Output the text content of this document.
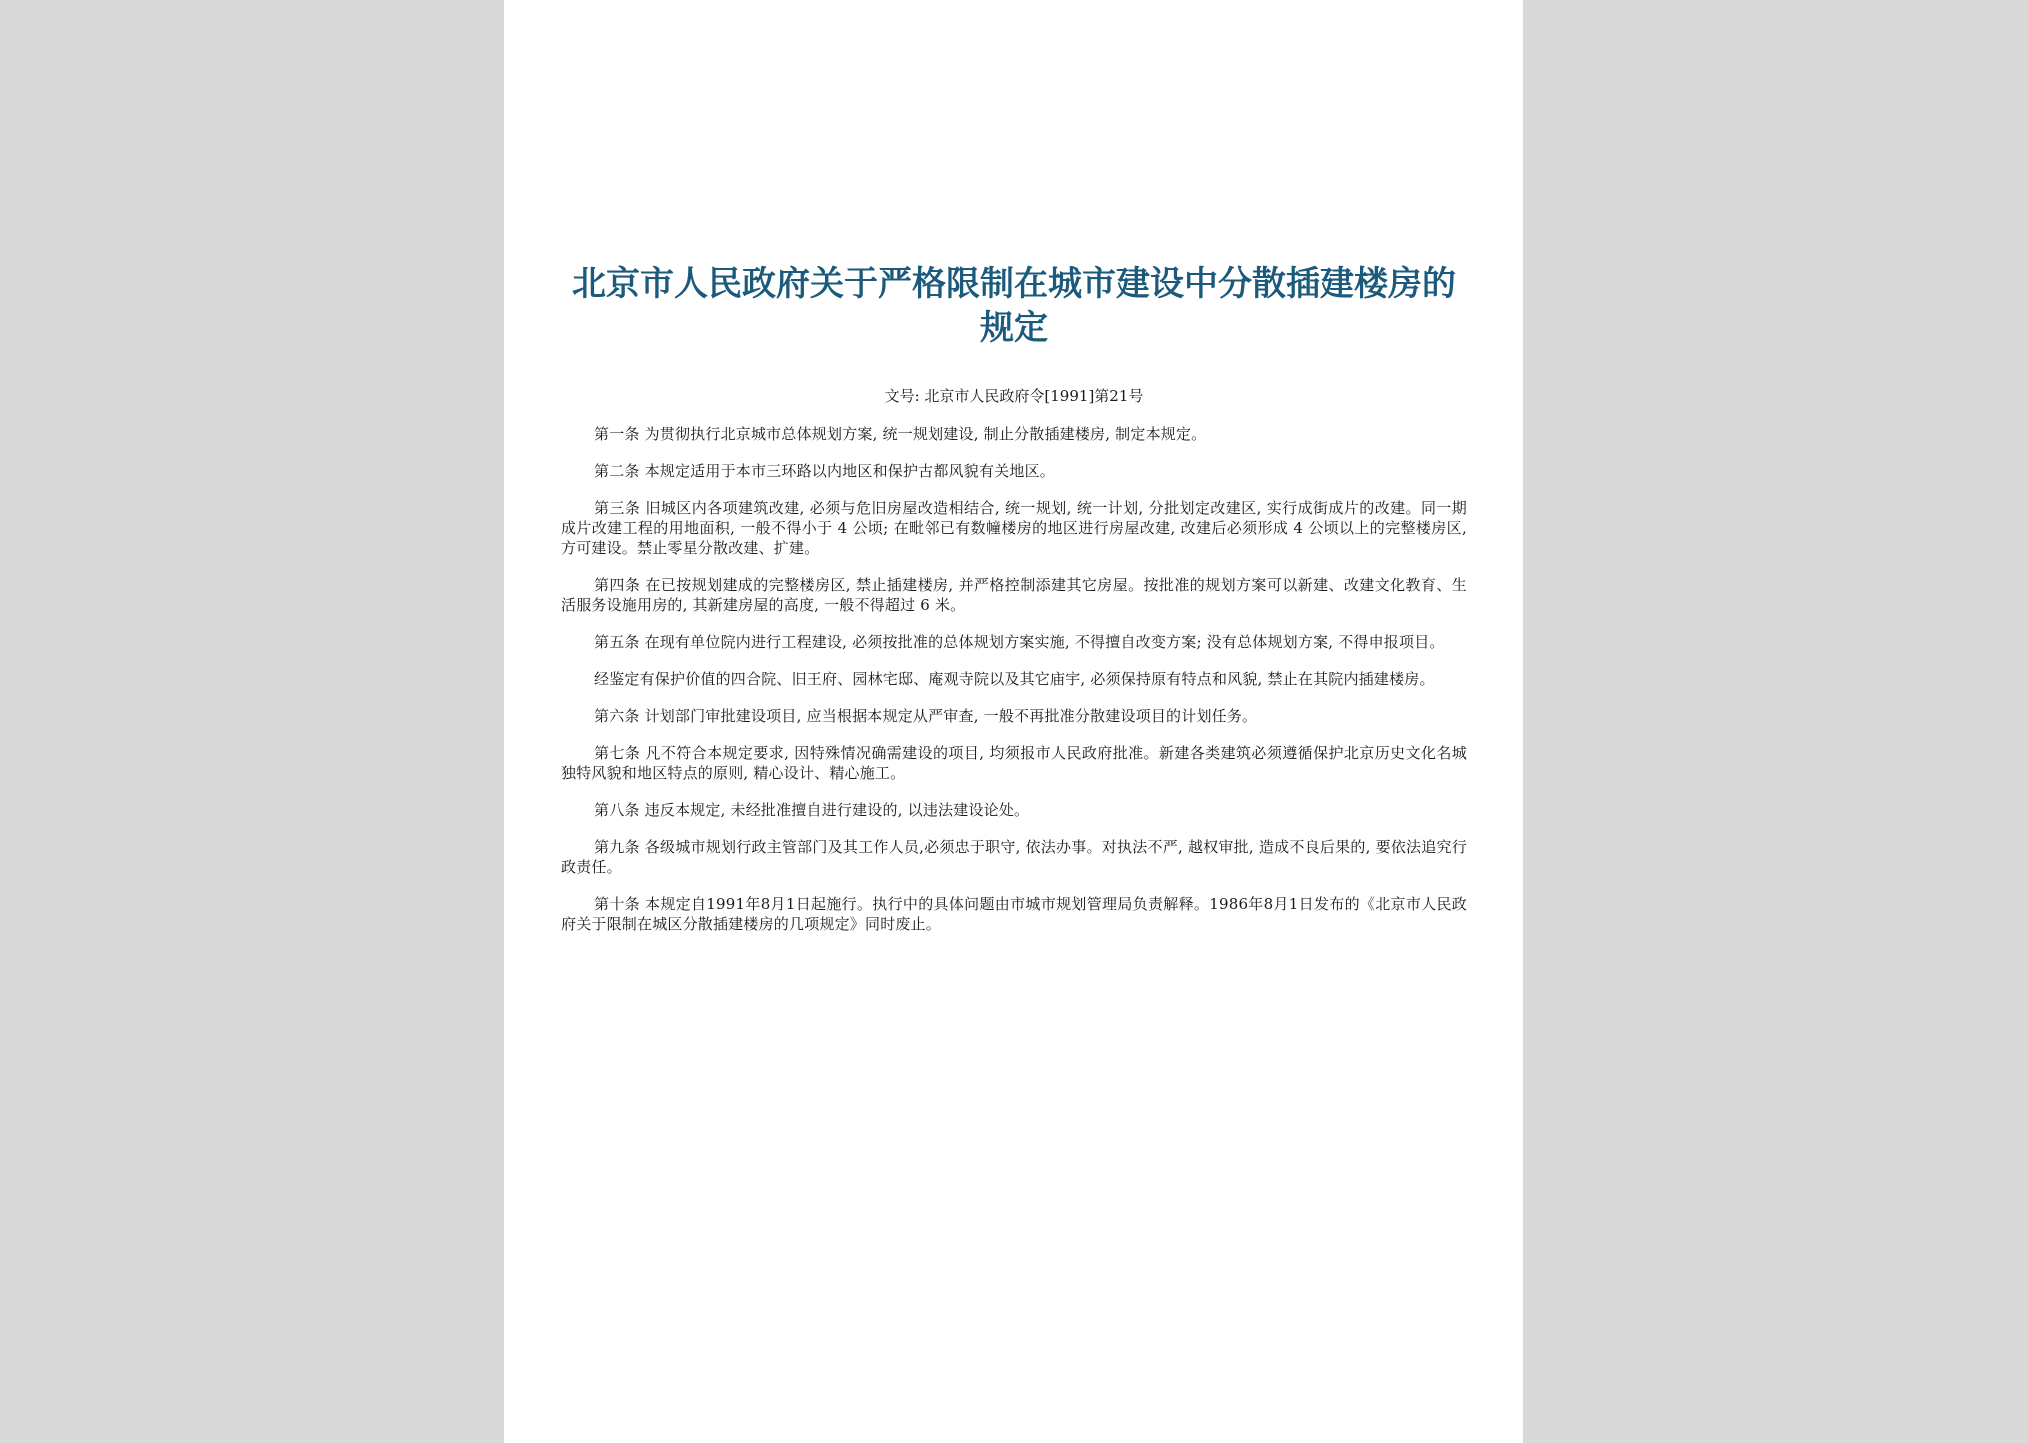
北京市人民政府关于严格限制在城市建设中分散插建楼房的规定
文号: 北京市人民政府令[1991]第21号

第一条 为贯彻执行北京城市总体规划方案, 统一规划建设, 制止分散插建楼房, 制定本规定。

第二条 本规定适用于本市三环路以内地区和保护古都风貌有关地区。

第三条 旧城区内各项建筑改建, 必须与危旧房屋改造相结合, 统一规划, 统一计划, 分批划定改建区, 实行成街成片的改建。同一期成片改建工程的用地面积, 一般不得小于 4 公顷; 在毗邻已有数幢楼房的地区进行房屋改建, 改建后必须形成 4 公顷以上的完整楼房区, 方可建设。禁止零星分散改建、扩建。

第四条 在已按规划建成的完整楼房区, 禁止插建楼房, 并严格控制添建其它房屋。按批准的规划方案可以新建、改建文化教育、生活服务设施用房的, 其新建房屋的高度, 一般不得超过 6 米。

第五条 在现有单位院内进行工程建设, 必须按批准的总体规划方案实施, 不得擅自改变方案; 没有总体规划方案, 不得申报项目。

经鉴定有保护价值的四合院、旧王府、园林宅邸、庵观寺院以及其它庙宇, 必须保持原有特点和风貌, 禁止在其院内插建楼房。

第六条 计划部门审批建设项目, 应当根据本规定从严审查, 一般不再批准分散建设项目的计划任务。

第七条 凡不符合本规定要求, 因特殊情况确需建设的项目, 均须报市人民政府批准。新建各类建筑必须遵循保护北京历史文化名城独特风貌和地区特点的原则, 精心设计、精心施工。

第八条 违反本规定, 未经批准擅自进行建设的, 以违法建设论处。

第九条 各级城市规划行政主管部门及其工作人员,必须忠于职守, 依法办事。对执法不严, 越权审批, 造成不良后果的, 要依法追究行政责任。

第十条 本规定自1991年8月1日起施行。执行中的具体问题由市城市规划管理局负责解释。1986年8月1日发布的《北京市人民政府关于限制在城区分散插建楼房的几项规定》同时废止。
